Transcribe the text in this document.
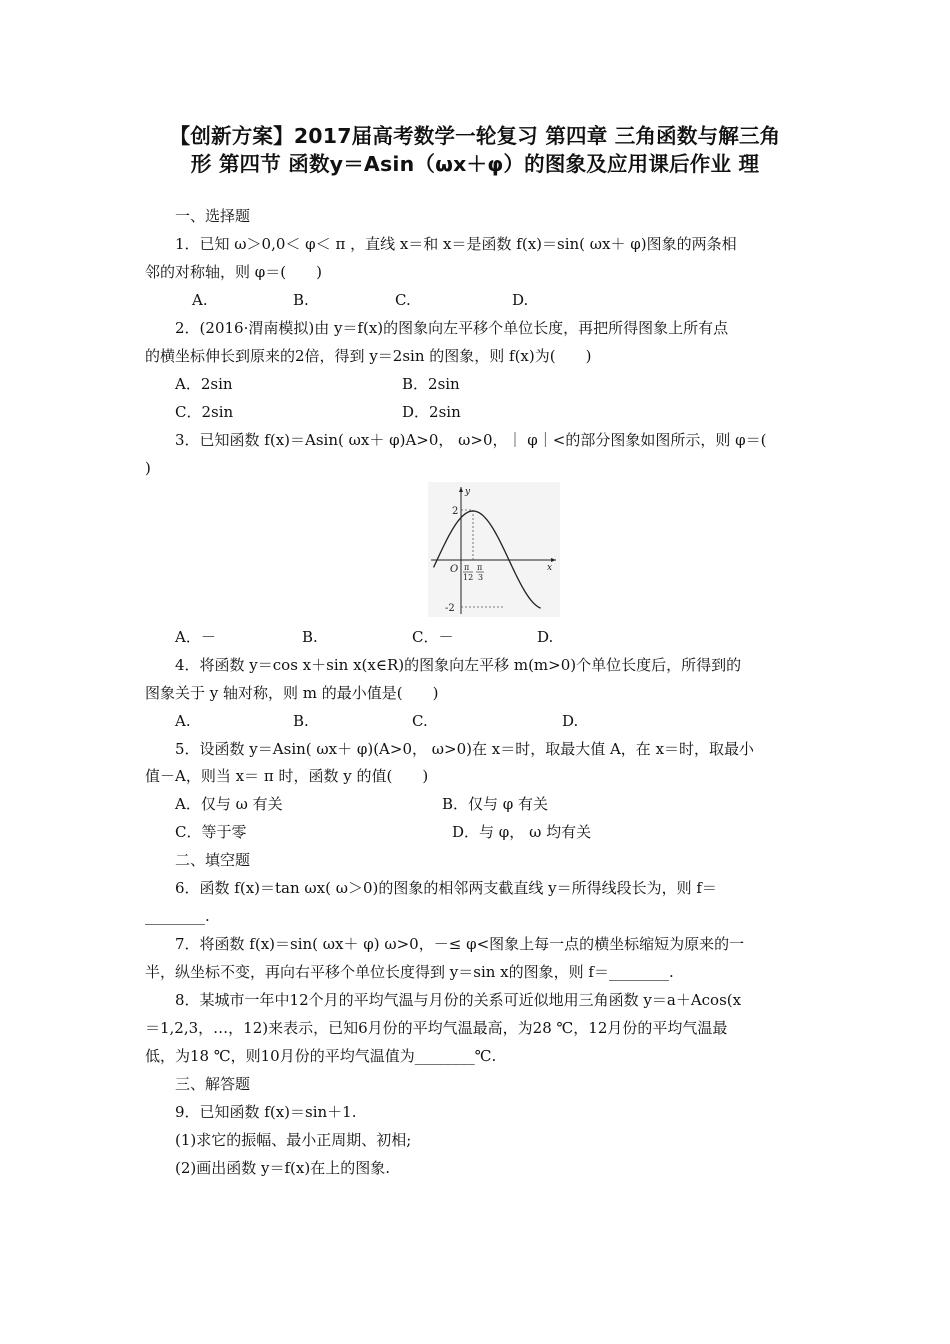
【创新方案】2017届高考数学一轮复习 第四章 三角函数与解三角
形 第四节 函数y＝Asin（ωx＋φ）的图象及应用课后作业 理
一、选择题
1．已知 ω＞0,0＜ φ＜ π ，直线 x＝和 x＝是函数 f(x)＝sin( ωx＋ φ)图象的两条相
邻的对称轴，则 φ＝(　　)
A.	B.	C.	D.
2．(2016·渭南模拟)由 y＝f(x)的图象向左平移个单位长度，再把所得图象上所有点
的横坐标伸长到原来的2倍，得到 y＝2sin 的图象，则 f(x)为(　　)
A．2sin	B．2sin
C．2sin	D．2sin
3．已知函数 f(x)＝Asin( ωx＋ φ)A>0， ω>0，｜ φ｜<的部分图象如图所示，则 φ＝(
)
y
x
O
2
-2
π
12
π
3
A．－	B.	C．－	D.
4．将函数 y＝cos x＋sin x(x∈R)的图象向左平移 m(m>0)个单位长度后，所得到的
图象关于 y 轴对称，则 m 的最小值是(　　)
A.	B.	C.	D.
5．设函数 y＝Asin( ωx＋ φ)(A>0， ω>0)在 x＝时，取最大值 A，在 x＝时，取最小
值－A，则当 x＝ π 时，函数 y 的值(　　)
A．仅与 ω 有关	B．仅与 φ 有关
C．等于零	D．与 φ， ω 均有关
二、填空题
6．函数 f(x)＝tan ωx( ω＞0)的图象的相邻两支截直线 y＝所得线段长为，则 f＝
________.
7．将函数 f(x)＝sin( ωx＋ φ) ω>0，－≤ φ<图象上每一点的横坐标缩短为原来的一
半，纵坐标不变，再向右平移个单位长度得到 y＝sin x的图象，则 f＝________.
8．某城市一年中12个月的平均气温与月份的关系可近似地用三角函数 y＝a＋Acos(x
＝1,2,3，…，12)来表示，已知6月份的平均气温最高，为28 ℃，12月份的平均气温最
低，为18 ℃，则10月份的平均气温值为________℃.
三、解答题
9．已知函数 f(x)＝sin＋1.
(1)求它的振幅、最小正周期、初相;
(2)画出函数 y＝f(x)在上的图象.
